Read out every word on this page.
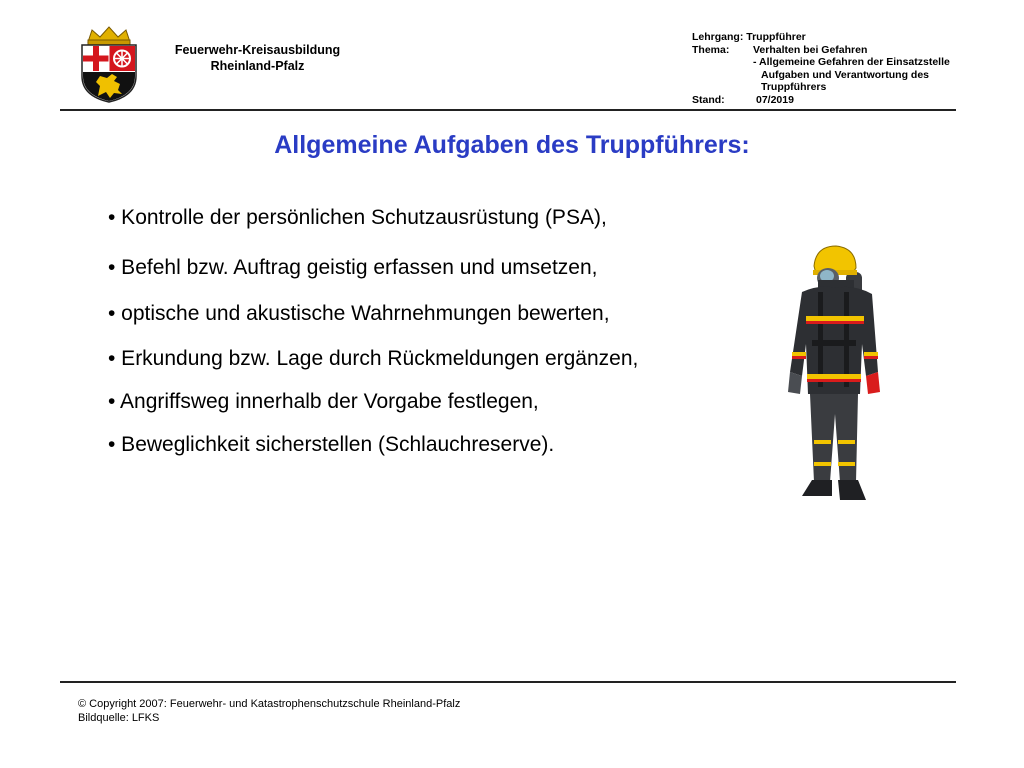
Feuerwehr-Kreisausbildung
Rheinland-Pfalz
Lehrgang: Truppführer
Thema:	Verhalten bei Gefahren
- Allgemeine Gefahren der Einsatzstelle
Aufgaben und Verantwortung des
Truppführers
Stand:	07/2019
Allgemeine Aufgaben des Truppführers:
• Kontrolle der persönlichen Schutzausrüstung (PSA),
• Befehl bzw. Auftrag geistig erfassen und umsetzen,
• optische und akustische Wahrnehmungen bewerten,
• Erkundung bzw. Lage durch Rückmeldungen ergänzen,
• Angriffsweg innerhalb der Vorgabe festlegen,
• Beweglichkeit sicherstellen (Schlauchreserve).
© Copyright 2007: Feuerwehr- und Katastrophenschutzschule Rheinland-Pfalz
Bildquelle: LFKS
